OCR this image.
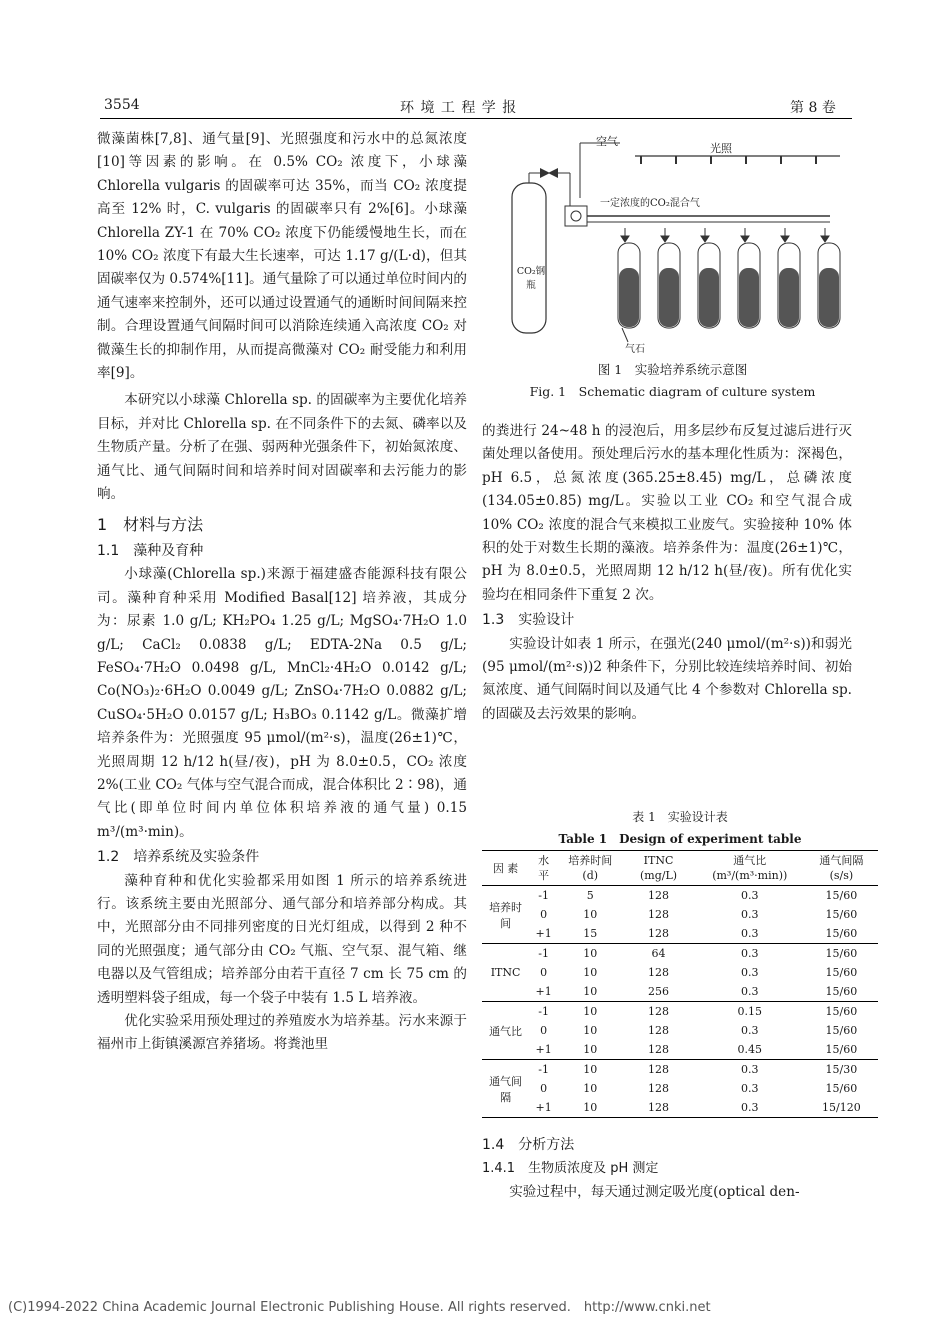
3554	环 境 工 程 学 报	第 8 卷

微藻菌株[7,8]、通气量[9]、光照强度和污水中的总氮浓度[10]等因素的影响。在 0.5% CO₂ 浓度下，小球藻 Chlorella vulgaris 的固碳率可达 35%，而当 CO₂ 浓度提高至 12% 时，C. vulgaris 的固碳率只有 2%[6]。小球藻 Chlorella ZY-1 在 70% CO₂ 浓度下仍能缓慢地生长，而在 10% CO₂ 浓度下有最大生长速率，可达 1.17 g/(L·d)，但其固碳率仅为 0.574%[11]。通气量除了可以通过单位时间内的通气速率来控制外，还可以通过设置通气的通断时间间隔来控制。合理设置通气间隔时间可以消除连续通入高浓度 CO₂ 对微藻生长的抑制作用，从而提高微藻对 CO₂ 耐受能力和利用率[9]。

本研究以小球藻 Chlorella sp. 的固碳率为主要优化培养目标，并对比 Chlorella sp. 在不同条件下的去氮、磷率以及生物质产量。分析了在强、弱两种光强条件下，初始氮浓度、通气比、通气间隔时间和培养时间对固碳率和去污能力的影响。

1　材料与方法
1.1　藻种及育种

小球藻(Chlorella sp.)来源于福建盛杏能源科技有限公司。藻种育种采用 Modified Basal[12] 培养液，其成分为：尿素 1.0 g/L; KH₂PO₄ 1.25 g/L; MgSO₄·7H₂O 1.0 g/L; CaCl₂ 0.0838 g/L; EDTA-2Na 0.5 g/L; FeSO₄·7H₂O 0.0498 g/L, MnCl₂·4H₂O 0.0142 g/L; Co(NO₃)₂·6H₂O 0.0049 g/L; ZnSO₄·7H₂O 0.0882 g/L; CuSO₄·5H₂O 0.0157 g/L; H₃BO₃ 0.1142 g/L。微藻扩增培养条件为：光照强度 95 μmol/(m²·s)，温度(26±1)℃，光照周期 12 h/12 h(昼/夜)，pH 为 8.0±0.5，CO₂ 浓度 2%(工业 CO₂ 气体与空气混合而成，混合体积比 2∶98)，通气比(即单位时间内单位体积培养液的通气量) 0.15 m³/(m³·min)。

1.2　培养系统及实验条件

藻种育种和优化实验都采用如图 1 所示的培养系统进行。该系统主要由光照部分、通气部分和培养部分构成。其中，光照部分由不同排列密度的日光灯组成，以得到 2 种不同的光照强度；通气部分由 CO₂ 气瓶、空气泵、混气箱、继电器以及气管组成；培养部分由若干直径 7 cm 长 75 cm 的透明塑料袋子组成，每一个袋子中装有 1.5 L 培养液。

优化实验采用预处理过的养殖废水为培养基。污水来源于福州市上街镇溪源宫养猪场。将粪池里

空气
光照
一定浓度的CO₂混合气
CO₂钢瓶
气石
图 1　实验培养系统示意图
Fig. 1　Schematic diagram of culture system

的粪进行 24~48 h 的浸泡后，用多层纱布反复过滤后进行灭菌处理以备使用。预处理后污水的基本理化性质为：深褐色，pH 6.5，总氮浓度(365.25±8.45) mg/L，总磷浓度(134.05±0.85) mg/L。实验以工业 CO₂ 和空气混合成 10% CO₂ 浓度的混合气来模拟工业废气。实验接种 10% 体积的处于对数生长期的藻液。培养条件为：温度(26±1)℃，pH 为 8.0±0.5，光照周期 12 h/12 h(昼/夜)。所有优化实验均在相同条件下重复 2 次。

1.3　实验设计

实验设计如表 1 所示，在强光(240 μmol/(m²·s))和弱光(95 μmol/(m²·s))2 种条件下，分别比较连续培养时间、初始氮浓度、通气间隔时间以及通气比 4 个参数对 Chlorella sp. 的固碳及去污效果的影响。

表 1　实验设计表
Table 1　Design of experiment table
因 素	水 平	培养时间 (d)	ITNC (mg/L)	通气比(m³/(m³·min))	通气间隔 (s/s)
培养时间	-1	5	128	0.3	15/60
	0	10	128	0.3	15/60
	+1	15	128	0.3	15/60
ITNC	-1	10	64	0.3	15/60
	0	10	128	0.3	15/60
	+1	10	256	0.3	15/60
通气比	-1	10	128	0.15	15/60
	0	10	128	0.3	15/60
	+1	10	128	0.45	15/60
通气间隔	-1	10	128	0.3	15/30
	0	10	128	0.3	15/60
	+1	10	128	0.3	15/120
1.4　分析方法
1.4.1　生物质浓度及 pH 测定

实验过程中，每天通过测定吸光度(optical den-

(C)1994-2022 China Academic Journal Electronic Publishing House. All rights reserved.　http://www.cnki.net
